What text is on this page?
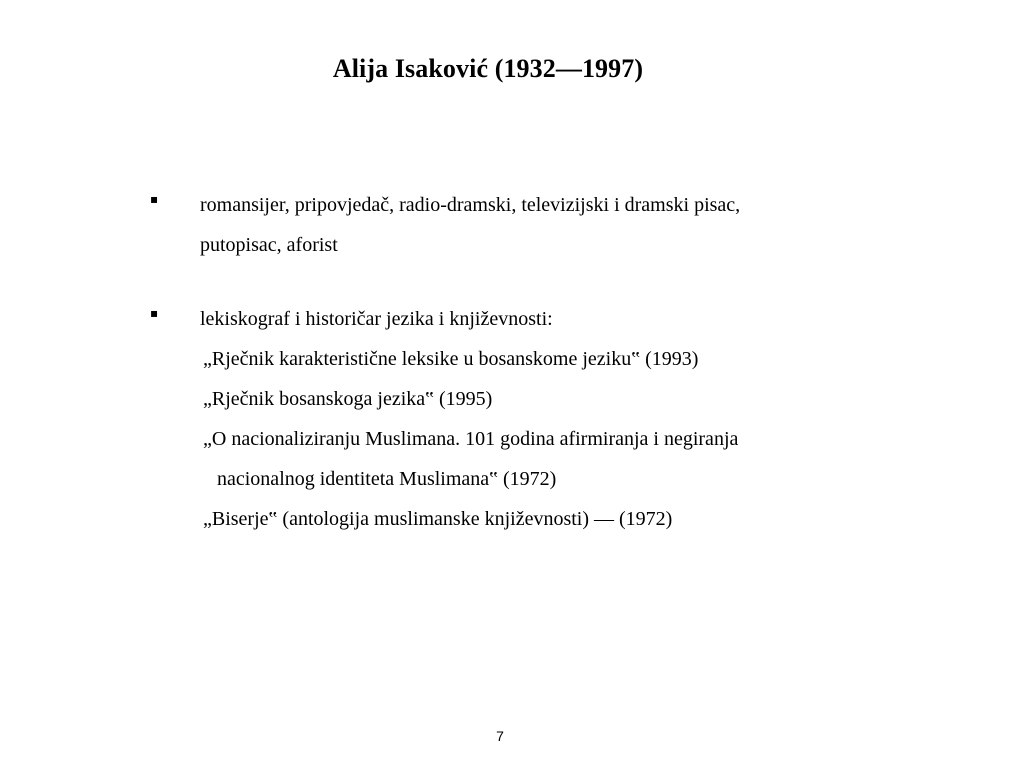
Alija Isaković (1932—1997)
▪ romansijer, pripovjedač, radio-dramski, televizijski i dramski pisac,
putopisac, aforist
▪ lekiskograf i historičar jezika i književnosti:
„Rječnik karakteristične leksike u bosanskome jeziku‟ (1993)
„Rječnik bosanskoga jezika‟ (1995)
„O nacionaliziranju Muslimana. 101 godina afirmiranja i negiranja
nacionalnog identiteta Muslimana‟ (1972)
„Biserje‟ (antologija muslimanske književnosti) — (1972)
7
